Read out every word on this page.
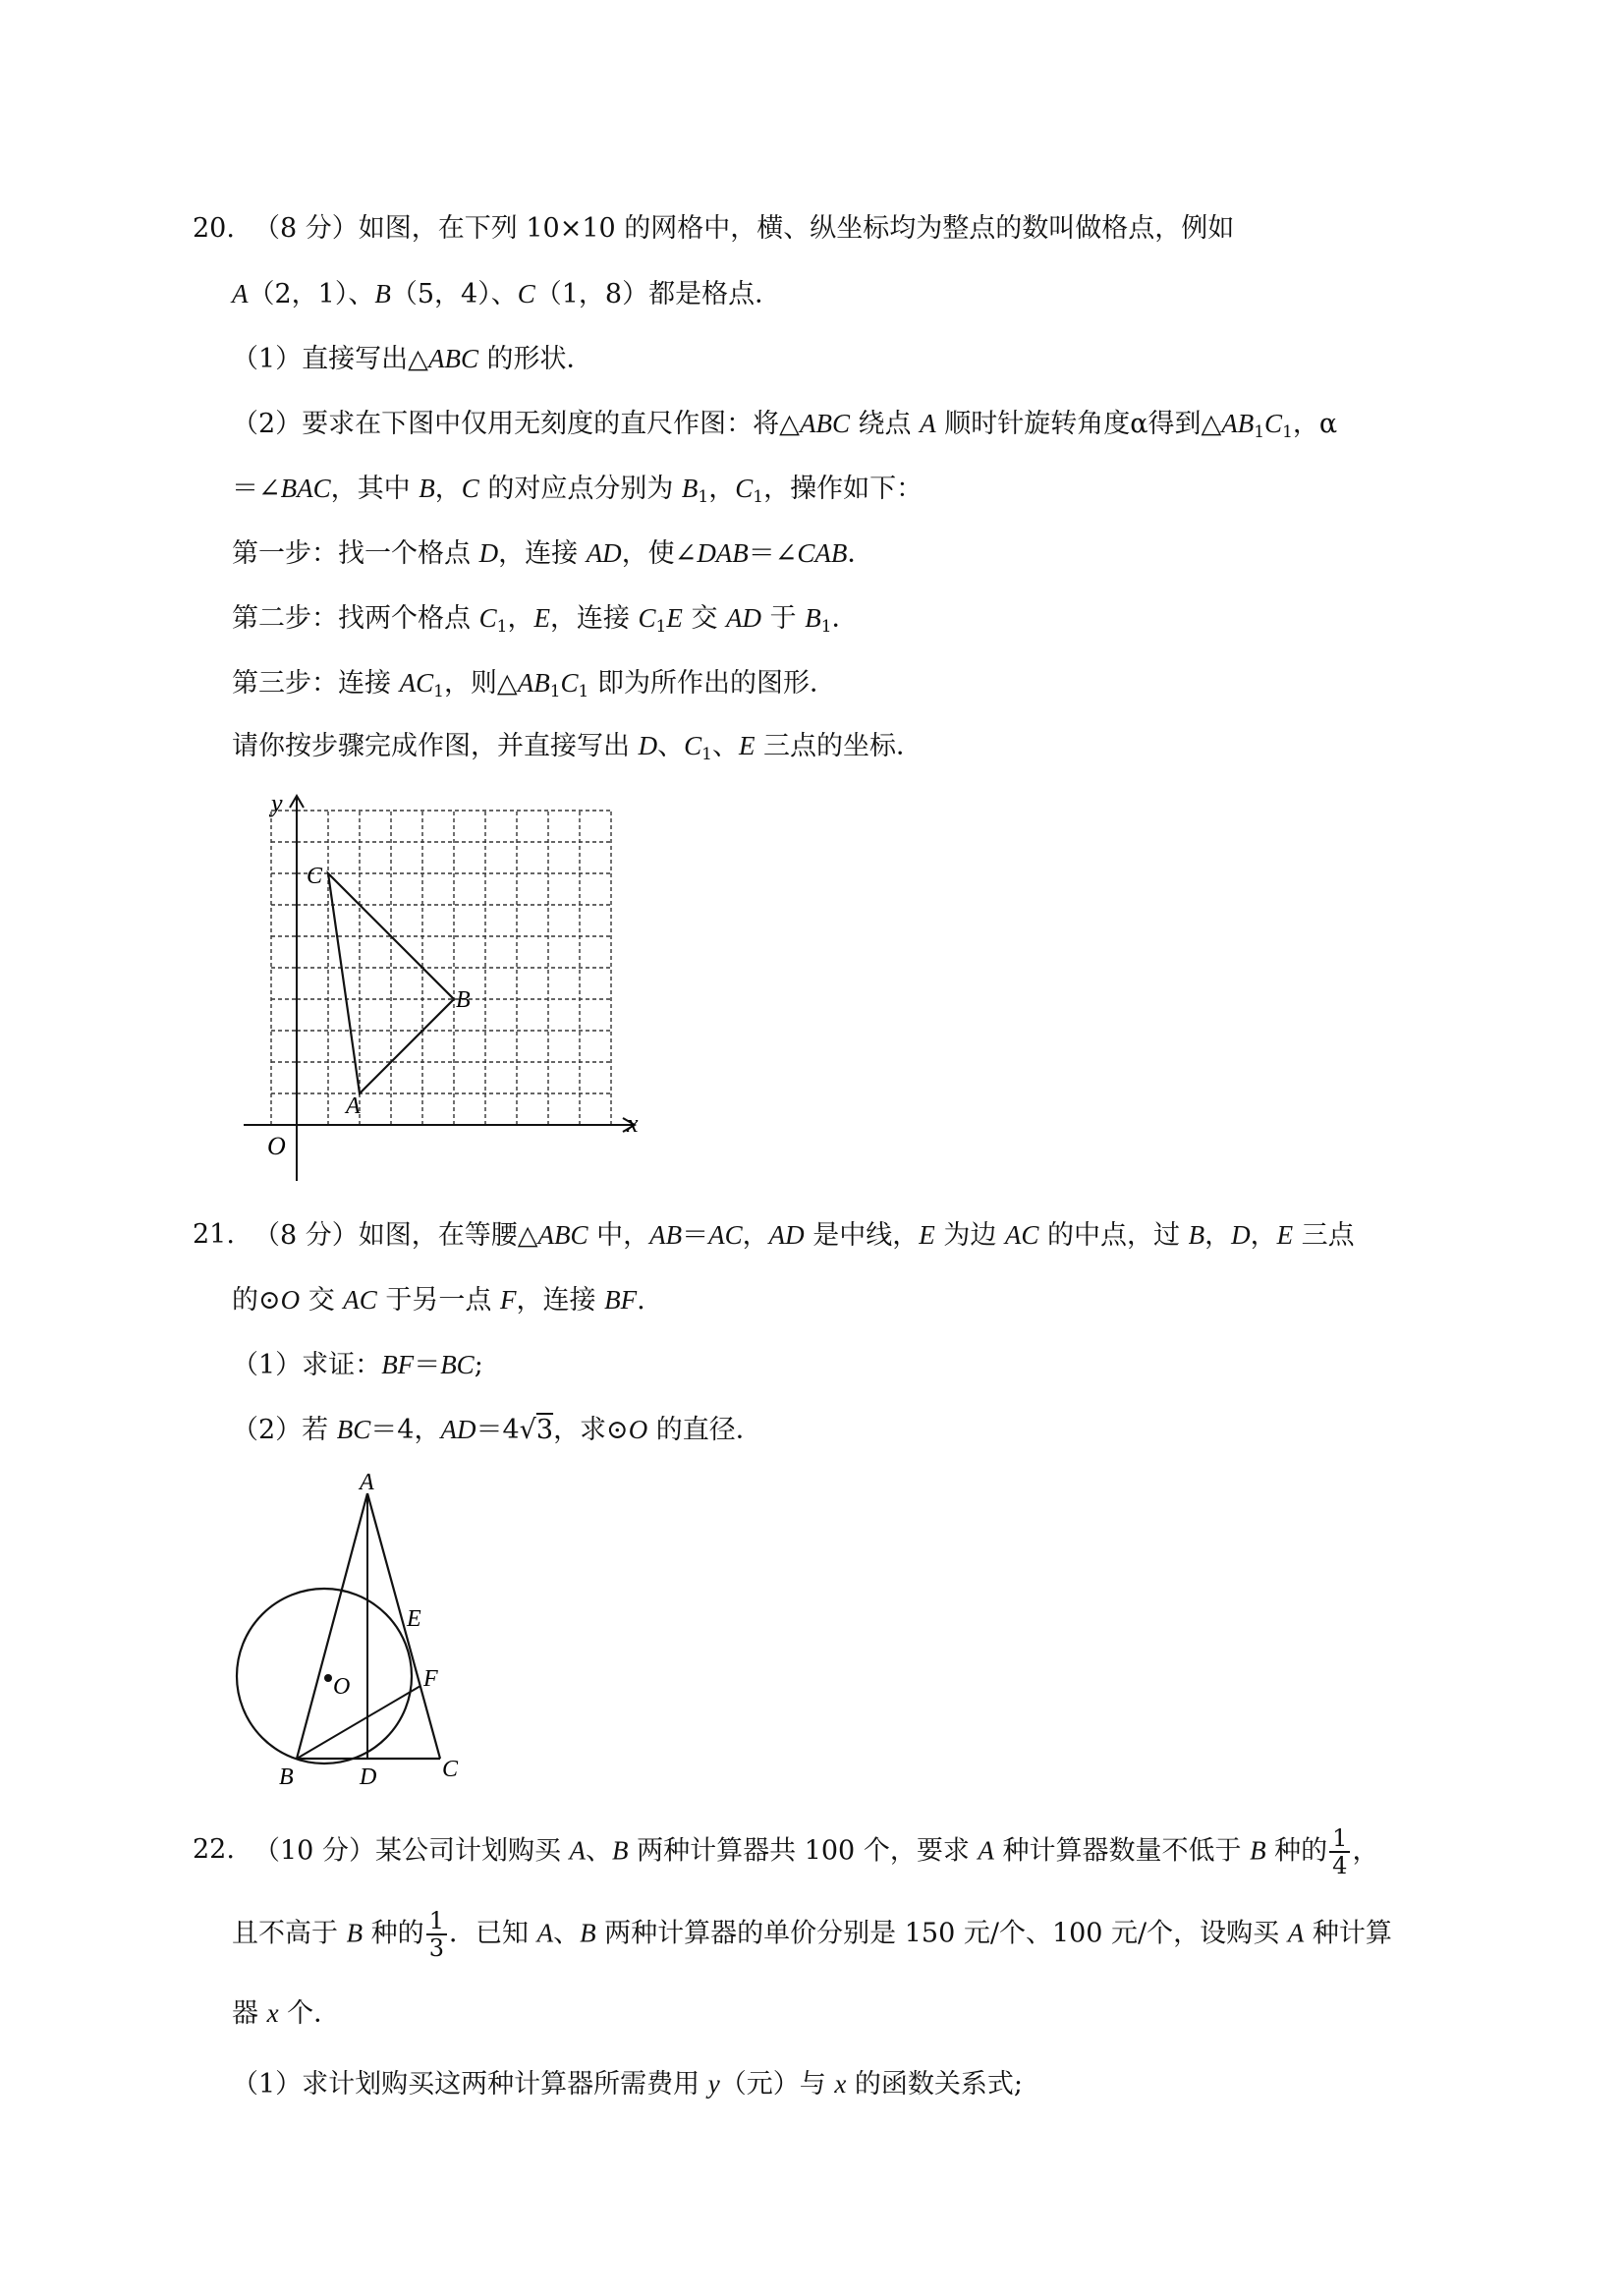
20. （8 分）如图，在下列 10×10 的网格中，横、纵坐标均为整点的数叫做格点，例如
A（2，1）、B（5，4）、C（1，8）都是格点．
（1）直接写出△ABC 的形状．
（2）要求在下图中仅用无刻度的直尺作图：将△ABC 绕点 A 顺时针旋转角度α得到$\triangle AB_1C_1$，α
＝∠BAC，其中 B，C 的对应点分别为 $B_1$，$C_1$，操作如下：
第一步：找一个格点 D，连接 AD，使∠DAB＝∠CAB．
第二步：找两个格点 $C_1$，E，连接 $C_1E$ 交 AD 于 $B_1$．
第三步：连接 $AC_1$，则$\triangle AB_1C_1$ 即为所作出的图形．
请你按步骤完成作图，并直接写出 D、$C_1$、E 三点的坐标．
y
x
O
A
B
C
21. （8 分）如图，在等腰△ABC 中，AB＝AC，AD 是中线，E 为边 AC 的中点，过 B，D，E 三点
的⊙O 交 AC 于另一点 F，连接 BF.
（1）求证：BF＝BC;
（2）若 BC＝4，AD＝4√3，求⊙O 的直径．
A
E
F
O
B	D	C
22. （10 分）某公司计划购买 A、B 两种计算器共 100 个，要求 A 种计算器数量不低于 B 种的 $\frac{1}{4}$ ，
且不高于 B 种的 $\frac{1}{3}$ ．已知 A、B 两种计算器的单价分别是 150 元/个、100 元/个，设购买 A 种计算
器 x 个．
（1）求计划购买这两种计算器所需费用 y（元）与 x 的函数关系式;
